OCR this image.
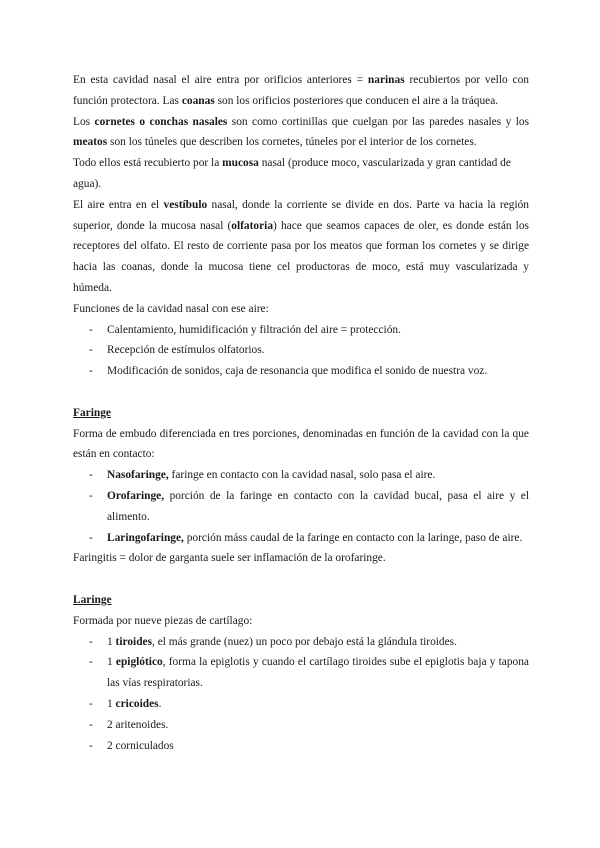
En esta cavidad nasal el aire entra por orificios anteriores = narinas recubiertos por vello con función protectora. Las coanas son los orificios posteriores que conducen el aire a la tráquea.

Los cornetes o conchas nasales son como cortinillas que cuelgan por las paredes nasales y los meatos son los túneles que describen los cornetes, túneles por el interior de los cornetes.

Todo ellos está recubierto por la mucosa nasal (produce moco, vascularizada y gran cantidad de agua).

El aire entra en el vestíbulo nasal, donde la corriente se divide en dos. Parte va hacia la región superior, donde la mucosa nasal (olfatoria) hace que seamos capaces de oler, es donde están los receptores del olfato. El resto de corriente pasa por los meatos que forman los cornetes y se dirige hacia las coanas, donde la mucosa tiene cel productoras de moco, está muy vascularizada y húmeda.

Funciones de la cavidad nasal con ese aire:

- Calentamiento, humidificación y filtración del aire = protección.
- Recepción de estímulos olfatorios.
- Modificación de sonidos, caja de resonancia que modifica el sonido de nuestra voz.

Faringe

Forma de embudo diferenciada en tres porciones, denominadas en función de la cavidad con la que están en contacto:

- Nasofaringe, faringe en contacto con la cavidad nasal, solo pasa el aire.
- Orofaringe, porción de la faringe en contacto con la cavidad bucal, pasa el aire y el alimento.
- Laringofaringe, porción máss caudal de la faringe en contacto con la laringe, paso de aire.

Faringitis = dolor de garganta suele ser inflamación de la orofaringe.

Laringe

Formada por nueve piezas de cartílago:

- 1 tiroides, el más grande (nuez) un poco por debajo está la glándula tiroides.
- 1 epiglótico, forma la epiglotis y cuando el cartílago tiroides sube el epiglotis baja y tapona las vías respiratorias.
- 1 cricoides.
- 2 aritenoides.
- 2 corniculados
